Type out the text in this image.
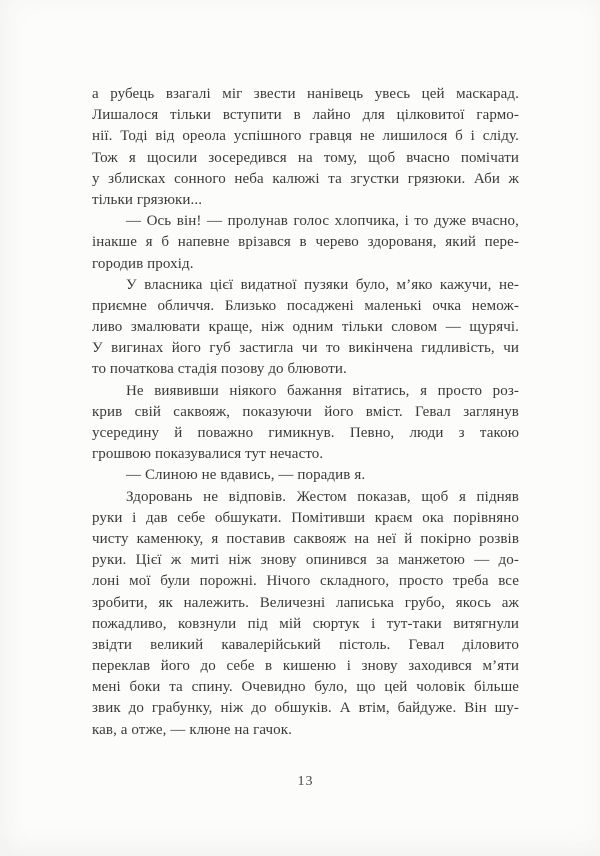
а рубець взагалі міг звести нанівець увесь цей маскарад.
Лишалося тільки вступити в лайно для цілковитої гармо-
нії. Тоді від ореола успішного гравця не лишилося б і сліду.
Тож я щосили зосередився на тому, щоб вчасно помічати
у зблисках сонного неба калюжі та згустки грязюки. Аби ж
тільки грязюки...
— Ось він! — пролунав голос хлопчика, і то дуже вчасно,
інакше я б напевне врізався в черево здорованя, який пере-
городив прохід.
У власника цієї видатної пузяки було, м’яко кажучи, не-
приємне обличчя. Близько посаджені маленькі очка немож-
ливо змалювати краще, ніж одним тільки словом — щурячі.
У вигинах його губ застигла чи то викінчена гидливість, чи
то початкова стадія позову до блювоти.
Не виявивши ніякого бажання вітатись, я просто роз-
крив свій саквояж, показуючи його вміст. Гевал заглянув
усередину й поважно гимикнув. Певно, люди з такою
грошвою показувалися тут нечасто.
— Слиною не вдавись, — порадив я.
Здоровань не відповів. Жестом показав, щоб я підняв
руки і дав себе обшукати. Помітивши краєм ока порівняно
чисту каменюку, я поставив саквояж на неї й покірно розвів
руки. Цієї ж миті ніж знову опинився за манжетою — до-
лоні мої були порожні. Нічого складного, просто треба все
зробити, як належить. Величезні лаписька грубо, якось аж
пожадливо, ковзнули під мій сюртук і тут-таки витягнули
звідти великий кавалерійський пістоль. Гевал діловито
переклав його до себе в кишеню і знову заходився м’яти
мені боки та спину. Очевидно було, що цей чоловік більше
звик до грабунку, ніж до обшуків. А втім, байдуже. Він шу-
кав, а отже, — клюне на гачок.
13
